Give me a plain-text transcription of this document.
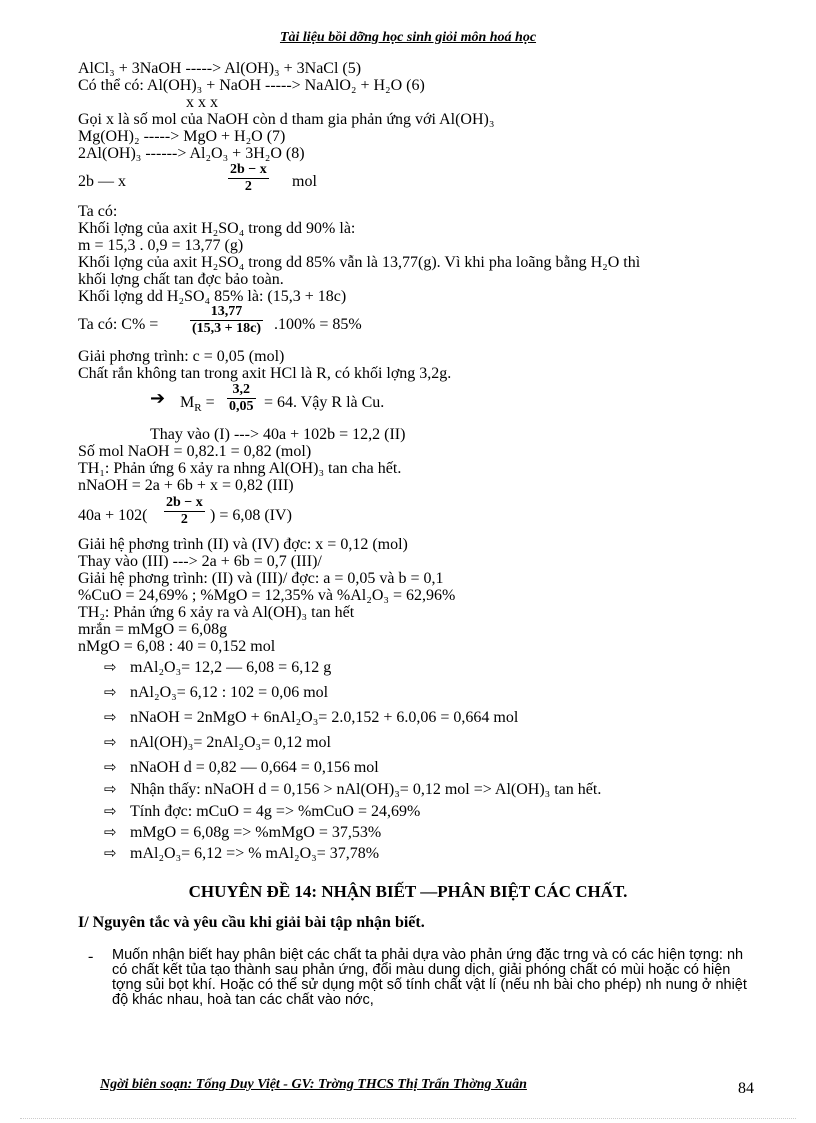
Tài liệu bồi dỡng học sinh giỏi môn hoá học
AlCl₃ + 3NaOH -----> Al(OH)₃ + 3NaCl (5)
Có thể có: Al(OH)₃ + NaOH -----> NaAlO₂ + H₂O (6)
x x x
Gọi x là số mol của NaOH còn d tham gia phản ứng với Al(OH)₃
Mg(OH)₂ -----> MgO + H₂O (7)
2Al(OH)₃ ------> Al₂O₃ + 3H₂O (8)
2b — x	$\frac{2b - x}{2}$ mol
Ta có:
Khối lợng của axit H₂SO₄ trong dd 90% là:
m = 15,3 . 0,9 = 13,77 (g)
Khối lợng của axit H₂SO₄ trong dd 85% vẫn là 13,77(g). Vì khi pha loãng bằng H₂O thì
khối lợng chất tan đợc bảo toàn.
Khối lợng dd H₂SO₄ 85% là: (15,3 + 18c)
Ta có: $C\% = \frac{13,77}{(15,3 + 18c)} .100\% = 85\%$
Giải phơng trình: c = 0,05 (mol)
Chất rắn không tan trong axit HCl là R, có khối lợng 3,2g.
➔ $M_R = \frac{3,2}{0,05} = 64$. Vậy R là Cu.
Thay vào (I) ---> 40a + 102b = 12,2 (II)
Số mol NaOH = 0,82.1 = 0,82 (mol)
TH₁: Phản ứng 6 xảy ra nhng Al(OH)₃ tan cha hết.
nNaOH = 2a + 6b + x = 0,82 (III)
$40a + 102( \frac{2b - x}{2}$ ) = 6,08 (IV)
Giải hệ phơng trình (II) và (IV) đợc: x = 0,12 (mol)
Thay vào (III) ---> 2a + 6b = 0,7 (III)/
Giải hệ phơng trình: (II) và (III)/ đợc: a = 0,05 và b = 0,1
%CuO = 24,69% ; %MgO = 12,35% và %Al₂O₃ = 62,96%
TH₂: Phản ứng 6 xảy ra và Al(OH)₃ tan hết
mrắn = mMgO = 6,08g
nMgO = 6,08 : 40 = 0,152 mol
⇨ mAl₂O₃= 12,2 — 6,08 = 6,12 g
⇨ nAl₂O₃= 6,12 : 102 = 0,06 mol
⇨ nNaOH = 2nMgO + 6nAl₂O₃= 2.0,152 + 6.0,06 = 0,664 mol
⇨ nAl(OH)₃= 2nAl₂O₃= 0,12 mol
⇨ nNaOH d = 0,82 — 0,664 = 0,156 mol
⇨ Nhận thấy: nNaOH d = 0,156 > nAl(OH)₃= 0,12 mol => Al(OH)₃ tan hết.
⇨ Tính đợc: mCuO = 4g => %mCuO = 24,69%
⇨ mMgO = 6,08g => %mMgO = 37,53%
⇨ mAl₂O₃= 6,12 => % mAl₂O₃= 37,78%
CHUYÊN ĐỀ 14: NHẬN BIẾT —PHÂN BIỆT CÁC CHẤT.
I/ Nguyên tắc và yêu cầu khi giải bài tập nhận biết.
- Muốn nhận biết hay phân biệt các chất ta phải dựa vào phản ứng đặc trng và có các hiện tợng: nh có chất kết tủa tạo thành sau phản ứng, đổi màu dung dịch, giải phóng chất có mùi hoặc có hiện tợng sủi bọt khí. Hoặc có thể sử dụng một số tính chất vật lí (nếu nh bài cho phép) nh nung ở nhiệt độ khác nhau, hoà tan các chất vào nớc,
Ngời biên soạn: Tống Duy Việt - GV: Trờng THCS Thị Trấn Thờng Xuân	84
